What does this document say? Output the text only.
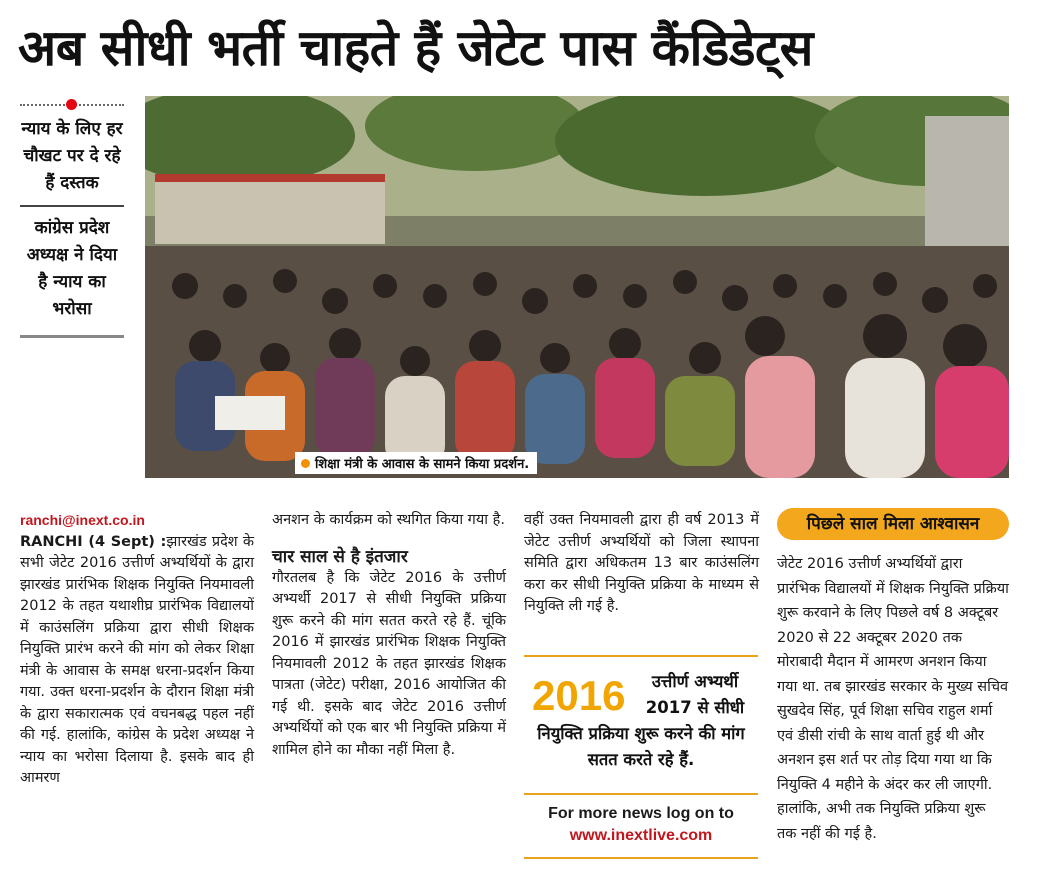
अब सीधी भर्ती चाहते हैं जेटेट पास कैंडिडेट्स
न्याय के लिए हर चौखट पर दे रहे हैं दस्तक
कांग्रेस प्रदेश अध्यक्ष ने दिया है न्याय का भरोसा
शिक्षा मंत्री के आवास के सामने किया प्रदर्शन.
ranchi@inext.co.in
RANCHI (4 Sept) :झारखंड प्रदेश के सभी जेटेट 2016 उत्तीर्ण अभ्यर्थियों के द्वारा झारखंड प्रारंभिक शिक्षक नियुक्ति नियमावली 2012 के तहत यथाशीघ्र प्रारंभिक विद्यालयों में काउंसलिंग प्रक्रिया द्वारा सीधी शिक्षक नियुक्ति प्रारंभ करने की मांग को लेकर शिक्षा मंत्री के आवास के समक्ष धरना-प्रदर्शन किया गया. उक्त धरना-प्रदर्शन के दौरान शिक्षा मंत्री के द्वारा सकारात्मक एवं वचनबद्ध पहल नहीं की गई. हालांकि, कांग्रेस के प्रदेश अध्यक्ष ने न्याय का भरोसा दिलाया है. इसके बाद ही आमरण
अनशन के कार्यक्रम को स्थगित किया गया है.
चार साल से है इंतजार
गौरतलब है कि जेटेट 2016 के उत्तीर्ण अभ्यर्थी 2017 से सीधी नियुक्ति प्रक्रिया शुरू करने की मांग सतत करते रहे हैं. चूंकि 2016 में झारखंड प्रारंभिक शिक्षक नियुक्ति नियमावली 2012 के तहत झारखंड शिक्षक पात्रता (जेटेट) परीक्षा, 2016 आयोजित की गई थी. इसके बाद जेटेट 2016 उत्तीर्ण अभ्यर्थियों को एक बार भी नियुक्ति प्रक्रिया में शामिल होने का मौका नहीं मिला है.
वहीं उक्त नियमावली द्वारा ही वर्ष 2013 में जेटेट उत्तीर्ण अभ्यर्थियों को जिला स्थापना समिति द्वारा अधिकतम 13 बार काउंसलिंग करा कर सीधी नियुक्ति प्रक्रिया के माध्यम से नियुक्ति ली गई है.
2016	उत्तीर्ण अभ्यर्थी 2017 से सीधी
नियुक्ति प्रक्रिया शुरू करने की मांग सतत करते रहे हैं.
For more news log on to
www.inextlive.com
पिछले साल मिला आश्वासन
जेटेट 2016 उत्तीर्ण अभ्यर्थियों द्वारा प्रारंभिक विद्यालयों में शिक्षक नियुक्ति प्रक्रिया शुरू करवाने के लिए पिछले वर्ष 8 अक्टूबर 2020 से 22 अक्टूबर 2020 तक मोराबादी मैदान में आमरण अनशन किया गया था. तब झारखंड सरकार के मुख्य सचिव सुखदेव सिंह, पूर्व शिक्षा सचिव राहुल शर्मा एवं डीसी रांची के साथ वार्ता हुई थी और अनशन इस शर्त पर तोड़ दिया गया था कि नियुक्ति 4 महीने के अंदर कर ली जाएगी. हालांकि, अभी तक नियुक्ति प्रक्रिया शुरू तक नहीं की गई है.
